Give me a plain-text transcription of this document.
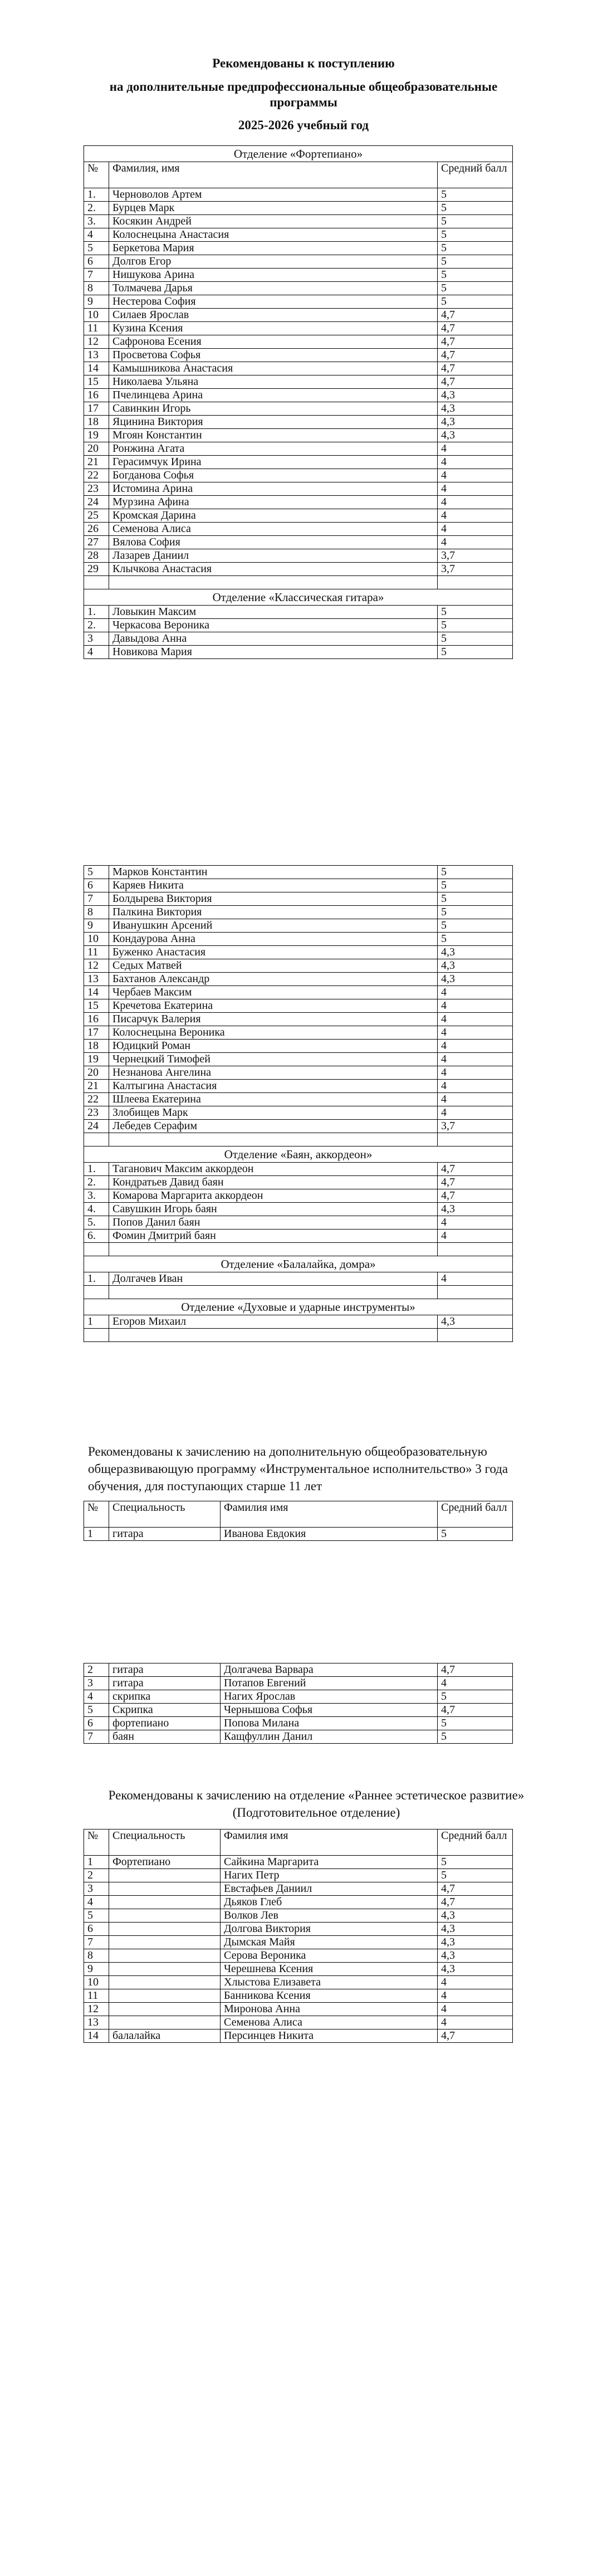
Рекомендованы к поступлению
на дополнительные предпрофессиональные общеобразовательные
программы
2025-2026 учебный год
Отделение «Фортепиано»		
№	Фамилия, имя	Средний балл
1.	Черноволов Артем	5
2.	Бурцев Марк	5
3.	Косякин Андрей	5
4	Колоснецына Анастасия	5
5	Беркетова Мария	5
6	Долгов Егор	5
7	Нишукова Арина	5
8	Толмачева Дарья	5
9	Нестерова София	5
10	Силаев Ярослав	4,7
11	Кузина Ксения	4,7
12	Сафронова Есения	4,7
13	Просветова Софья	4,7
14	Камышникова Анастасия	4,7
15	Николаева Ульяна	4,7
16	Пчелинцева Арина	4,3
17	Савинкин Игорь	4,3
18	Яцинина Виктория	4,3
19	Мгоян Константин	4,3
20	Ронжина Агата	4
21	Герасимчук Ирина	4
22	Богданова Софья	4
23	Истомина Арина	4
24	Мурзина Афина	4
25	Кромская Дарина	4
26	Семенова Алиса	4
27	Вялова София	4
28	Лазарев Даниил	3,7
29	Клычкова Анастасия	3,7

Отделение «Классическая гитара»		
1.	Ловыкин Максим	5
2.	Черкасова Вероника	5
3	Давыдова Анна	5
4	Новикова Мария	5
5	Марков Константин	5
6	Каряев Никита	5
7	Болдырева Виктория	5
8	Палкина Виктория	5
9	Иванушкин Арсений	5
10	Кондаурова Анна	5
11	Буженко Анастасия	4,3
12	Седых Матвей	4,3
13	Бахтанов Александр	4,3
14	Чербаев Максим	4
15	Кречетова Екатерина	4
16	Писарчук Валерия	4
17	Колоснецына Вероника	4
18	Юдицкий Роман	4
19	Чернецкий Тимофей	4
20	Незнанова Ангелина	4
21	Калтыгина Анастасия	4
22	Шлеева Екатерина	4
23	Злобищев Марк	4
24	Лебедев Серафим	3,7

Отделение «Баян, аккордеон»		
1.	Таганович Максим аккордеон	4,7
2.	Кондратьев Давид баян	4,7
3.	Комарова Маргарита аккордеон	4,7
4.	Савушкин Игорь баян	4,3
5.	Попов Данил баян	4
6.	Фомин Дмитрий баян	4

Отделение «Балалайка, домра»		
1.	Долгачев Иван	4

Отделение «Духовые и ударные инструменты»		
1	Егоров Михаил	4,3

Рекомендованы к зачислению на дополнительную общеобразовательную общеразвивающую программу «Инструментальное исполнительство» 3 года обучения, для поступающих старше 11 лет
№	Специальность	Фамилия имя	Средний балл
1	гитара	Иванова Евдокия	5
2	гитара	Долгачева Варвара	4,7
3	гитара	Потапов Евгений	4
4	скрипка	Нагих Ярослав	5
5	Скрипка	Чернышова Софья	4,7
6	фортепиано	Попова Милана	5
7	баян	Кащфуллин Данил	5
Рекомендованы к зачислению на отделение «Раннее эстетическое развитие»
(Подготовительное отделение)
№	Специальность	Фамилия имя	Средний балл
1	Фортепиано	Сайкина Маргарита	5
2		Нагих Петр	5
3		Евстафьев Даниил	4,7
4		Дьяков Глеб	4,7
5		Волков Лев	4,3
6		Долгова Виктория	4,3
7		Дымская Майя	4,3
8		Серова Вероника	4,3
9		Черешнева Ксения	4,3
10		Хлыстова Елизавета	4
11		Банникова Ксения	4
12		Миронова Анна	4
13		Семенова Алиса	4
14	балалайка	Персинцев Никита	4,7
